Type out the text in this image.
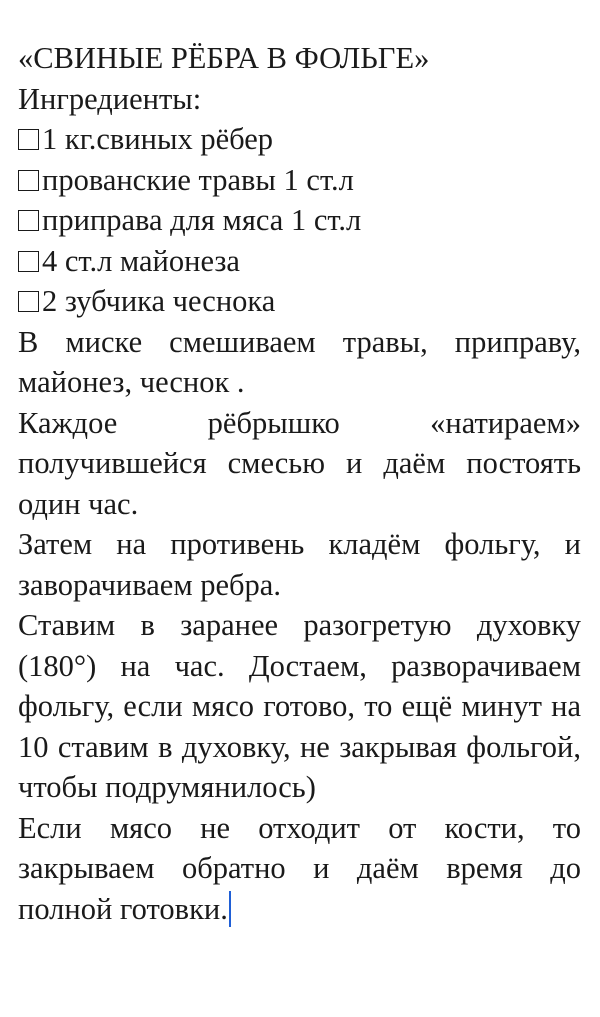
«СВИНЫЕ РЁБРА В ФОЛЬГЕ»

Ингредиенты:

1 кг.свиных рёбер

прованские травы 1 ст.л

приправа для мяса 1 ст.л

4 ст.л майонеза

2 зубчика чеснока

В миске смешиваем травы, приправу, майонез, чеснок .

Каждое рёбрышко «натираем» получившейся смесью и даём постоять один час.

Затем на противень кладём фольгу, и заворачиваем ребра.

Ставим в заранее разогретую духовку (180°) на час. Достаем, разворачиваем фольгу, если мясо готово, то ещё минут на 10 ставим в духовку, не закрывая фольгой, чтобы подрумянилось)

Если мясо не отходит от кости, то закрываем обратно и даём время до полной готовки.
